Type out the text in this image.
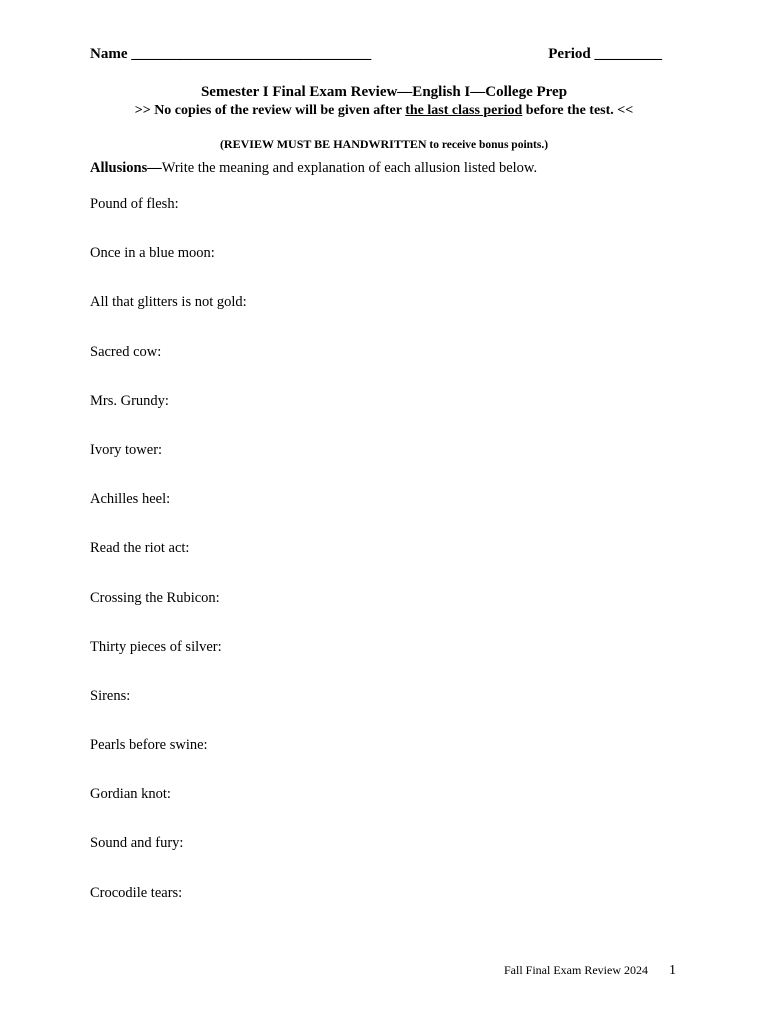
Name ________________________________	Period _________
Semester I Final Exam Review—English I—College Prep
>> No copies of the review will be given after the last class period before the test. <<
(REVIEW MUST BE HANDWRITTEN to receive bonus points.)
Allusions—Write the meaning and explanation of each allusion listed below.
Pound of flesh:
Once in a blue moon:
All that glitters is not gold:
Sacred cow:
Mrs. Grundy:
Ivory tower:
Achilles heel:
Read the riot act:
Crossing the Rubicon:
Thirty pieces of silver:
Sirens:
Pearls before swine:
Gordian knot:
Sound and fury:
Crocodile tears:
Fall Final Exam Review 2024 1
